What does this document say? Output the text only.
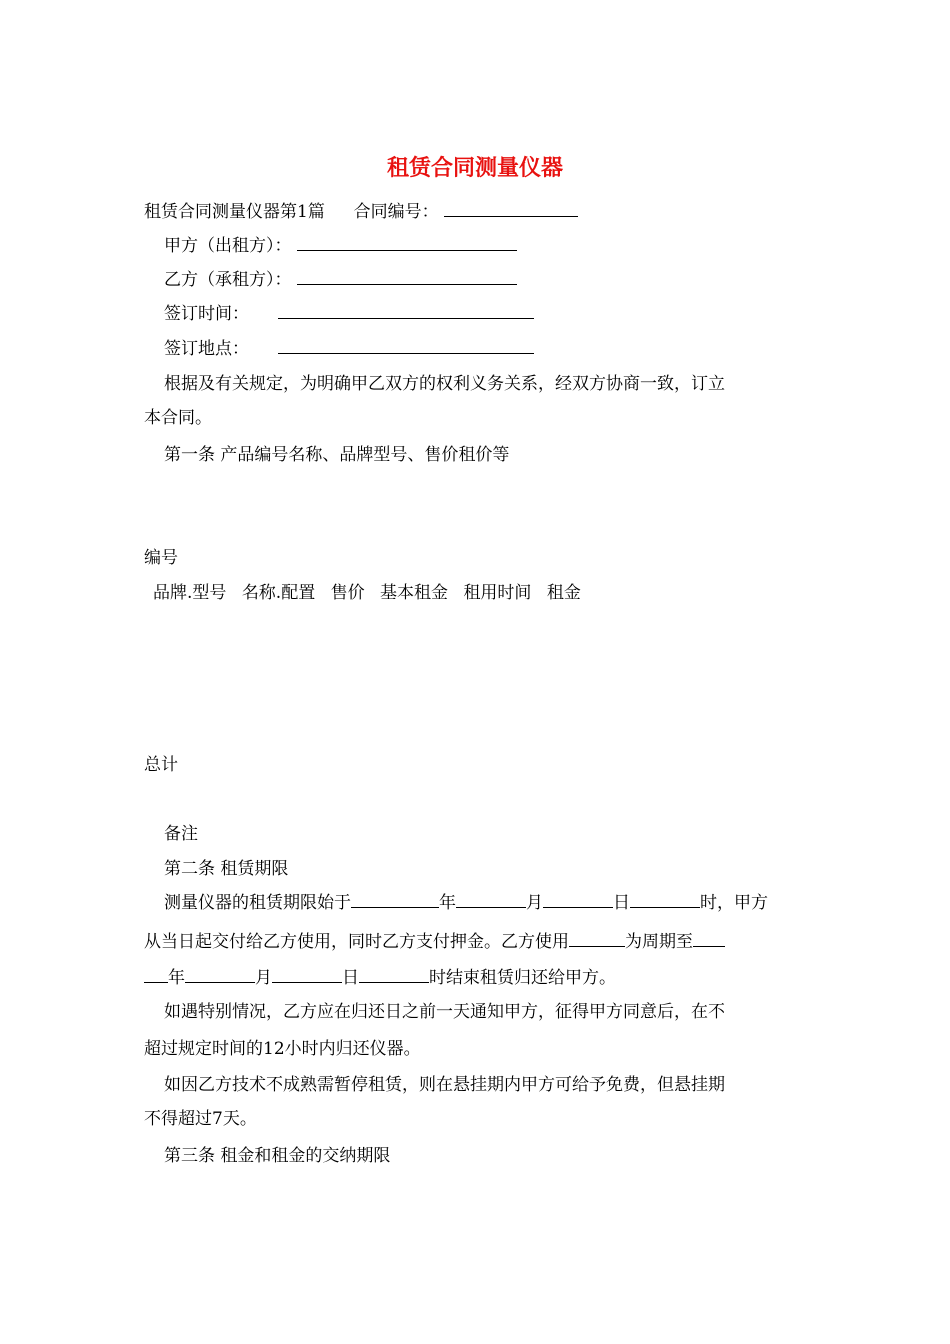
租赁合同测量仪器
租赁合同测量仪器第1篇 合同编号：
甲方（出租方）：
乙方（承租方）：
签订时间：
签订地点：
根据及有关规定，为明确甲乙双方的权利义务关系，经双方协商一致，订立
本合同。
第一条 产品编号名称、品牌型号、售价租价等
编号
品牌.型号 名称.配置 售价 基本租金 租用时间 租金
总计
备注
第二条 租赁期限
测量仪器的租赁期限始于	年	月	日	时，甲方
从当日起交付给乙方使用，同时乙方支付押金。乙方使用	为周期至
年	月	日	时结束租赁归还给甲方。
如遇特别情况，乙方应在归还日之前一天通知甲方，征得甲方同意后，在不
超过规定时间的12小时内归还仪器。
如因乙方技术不成熟需暂停租赁，则在悬挂期内甲方可给予免费，但悬挂期
不得超过7天。
第三条 租金和租金的交纳期限
